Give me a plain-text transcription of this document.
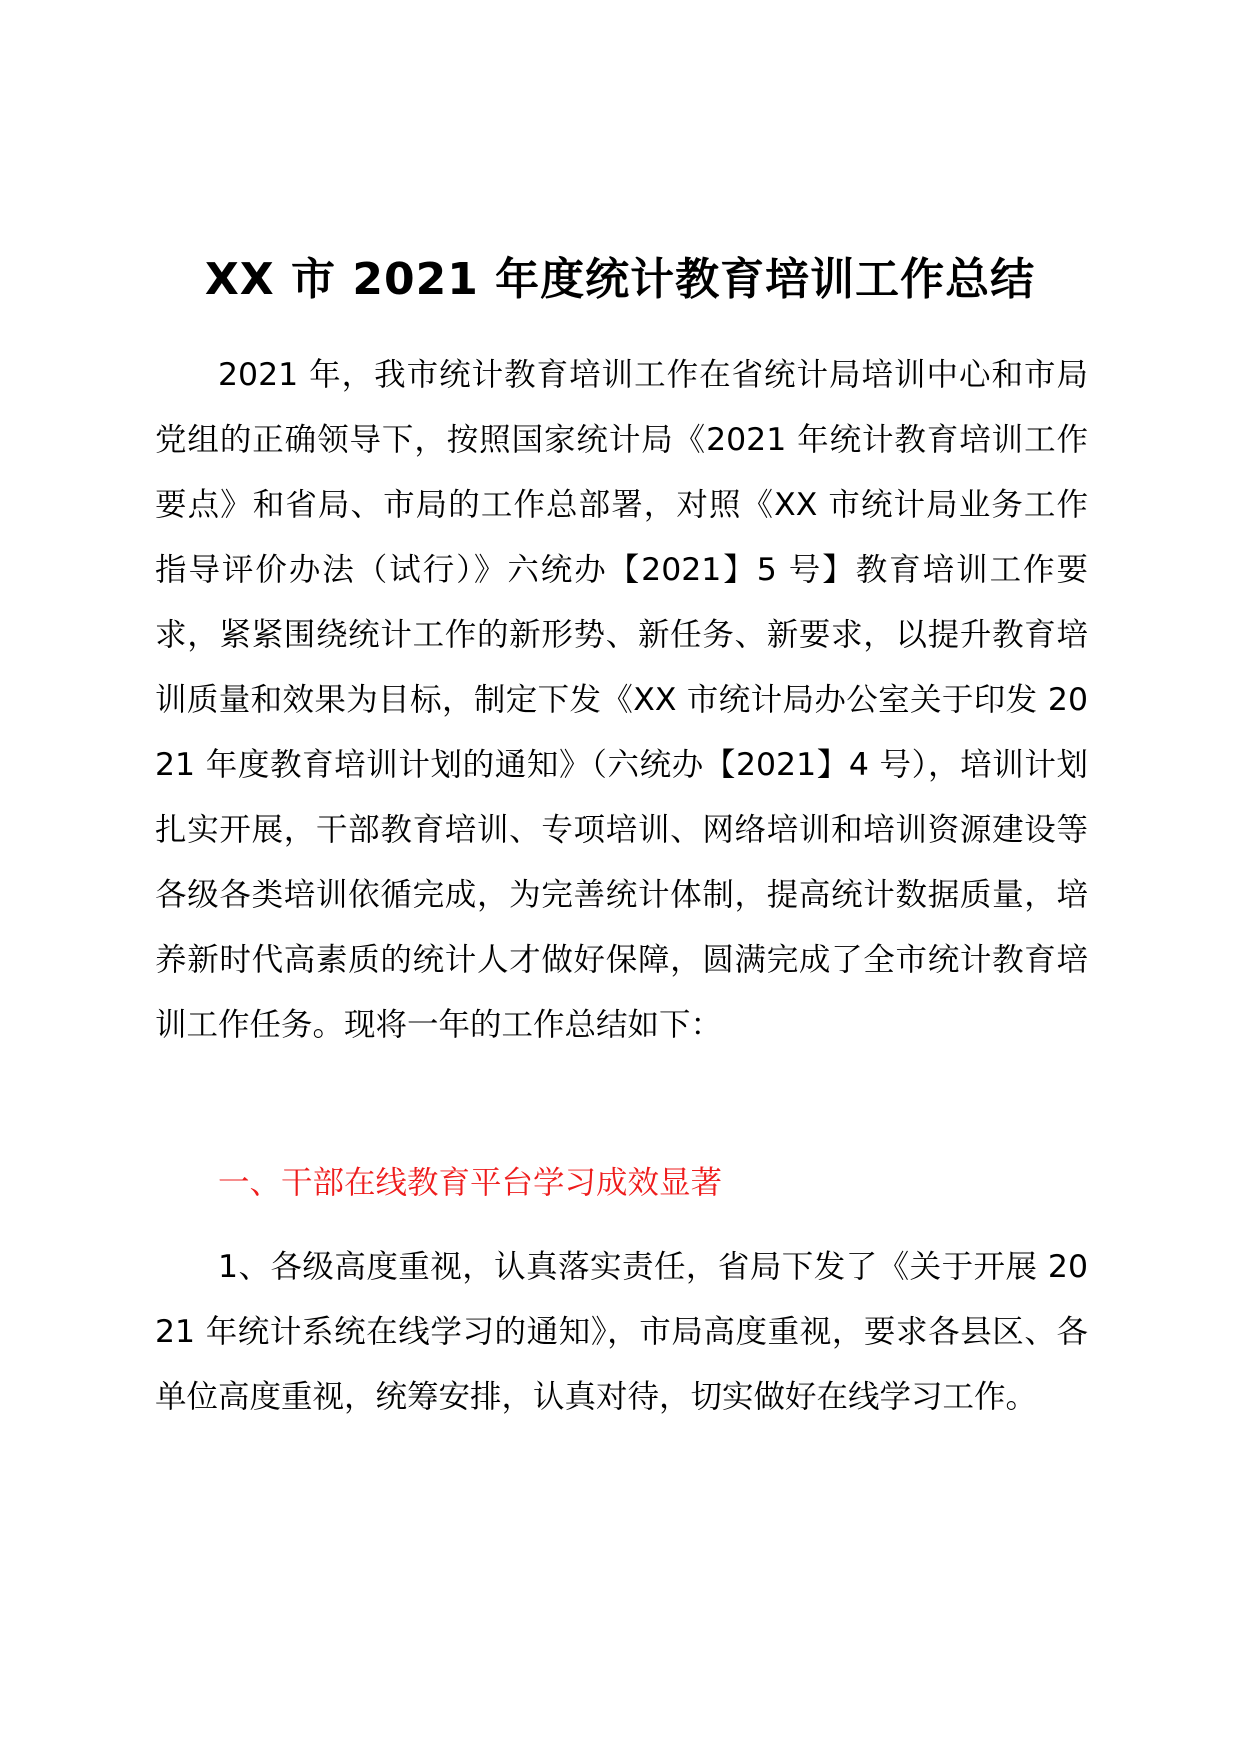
XX 市 2021 年度统计教育培训工作总结

2021 年，我市统计教育培训工作在省统计局培训中心和市局党组的正确领导下，按照国家统计局《2021 年统计教育培训工作要点》和省局、市局的工作总部署，对照《XX 市统计局业务工作指导评价办法（试行）》六统办【2021】5 号】教育培训工作要求，紧紧围绕统计工作的新形势、新任务、新要求，以提升教育培训质量和效果为目标，制定下发《XX 市统计局办公室关于印发 2021 年度教育培训计划的通知》（六统办【2021】4 号），培训计划扎实开展，干部教育培训、专项培训、网络培训和培训资源建设等各级各类培训依循完成，为完善统计体制，提高统计数据质量，培养新时代高素质的统计人才做好保障，圆满完成了全市统计教育培训工作任务。现将一年的工作总结如下：

一、干部在线教育平台学习成效显著

1、各级高度重视，认真落实责任，省局下发了《关于开展 2021 年统计系统在线学习的通知》，市局高度重视，要求各县区、各单位高度重视，统筹安排，认真对待，切实做好在线学习工作。
